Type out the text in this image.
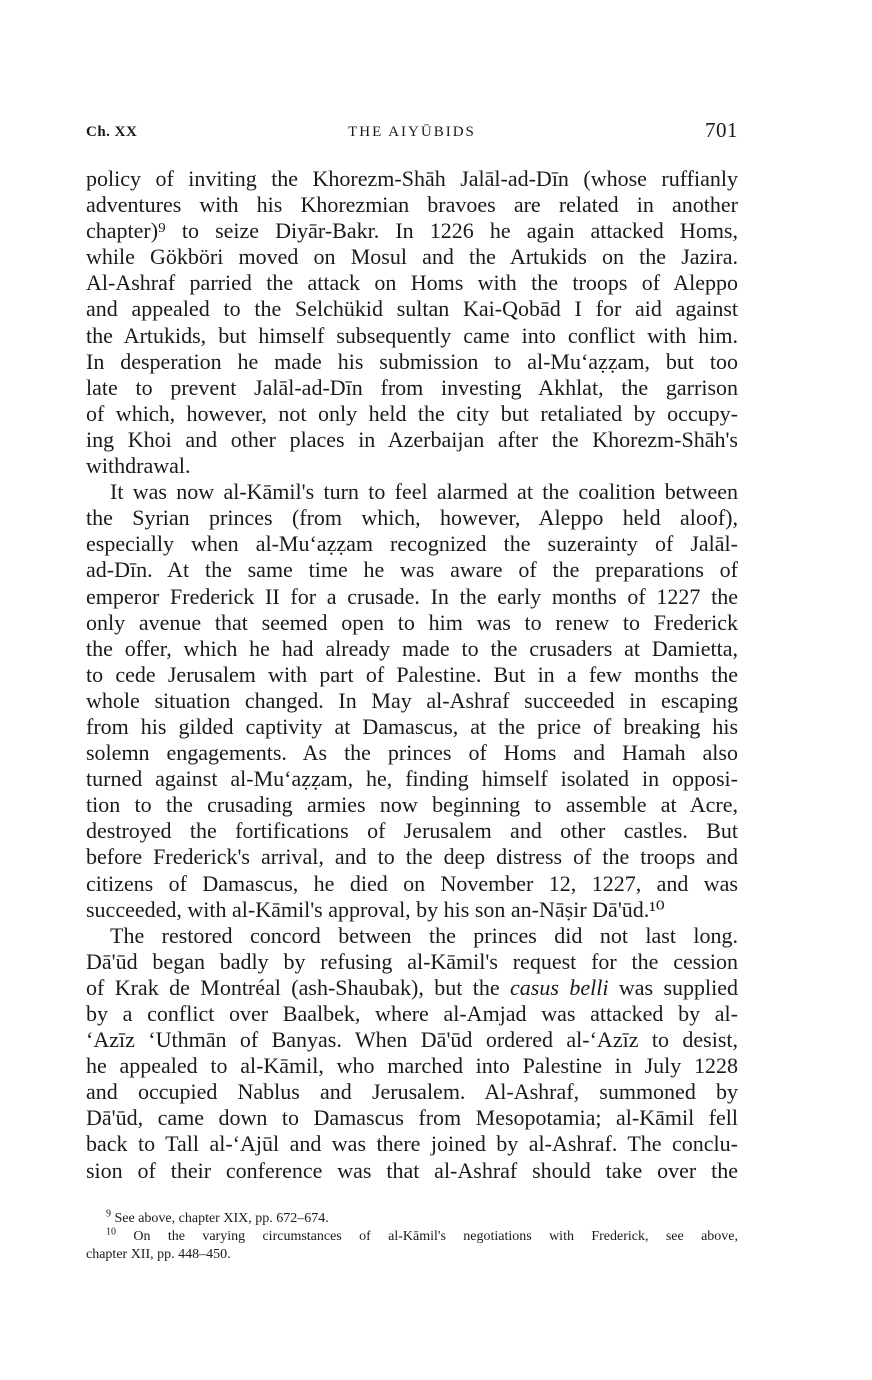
Ch. XX	THE AIYŪBIDS	701
policy of inviting the Khorezm-Shāh Jalāl-ad-Dīn (whose ruffianly
adventures with his Khorezmian bravoes are related in another
chapter)⁹ to seize Diyār-Bakr. In 1226 he again attacked Homs,
while Gökböri moved on Mosul and the Artukids on the Jazira.
Al-Ashraf parried the attack on Homs with the troops of Aleppo
and appealed to the Selchükid sultan Kai-Qobād I for aid against
the Artukids, but himself subsequently came into conflict with him.
In desperation he made his submission to al-Mu‘aẓẓam, but too
late to prevent Jalāl-ad-Dīn from investing Akhlat, the garrison
of which, however, not only held the city but retaliated by occupy-
ing Khoi and other places in Azerbaijan after the Khorezm-Shāh's
withdrawal.
It was now al-Kāmil's turn to feel alarmed at the coalition between
the Syrian princes (from which, however, Aleppo held aloof),
especially when al-Mu‘aẓẓam recognized the suzerainty of Jalāl-
ad-Dīn. At the same time he was aware of the preparations of
emperor Frederick II for a crusade. In the early months of 1227 the
only avenue that seemed open to him was to renew to Frederick
the offer, which he had already made to the crusaders at Damietta,
to cede Jerusalem with part of Palestine. But in a few months the
whole situation changed. In May al-Ashraf succeeded in escaping
from his gilded captivity at Damascus, at the price of breaking his
solemn engagements. As the princes of Homs and Hamah also
turned against al-Mu‘aẓẓam, he, finding himself isolated in opposi-
tion to the crusading armies now beginning to assemble at Acre,
destroyed the fortifications of Jerusalem and other castles. But
before Frederick's arrival, and to the deep distress of the troops and
citizens of Damascus, he died on November 12, 1227, and was
succeeded, with al-Kāmil's approval, by his son an-Nāṣir Dā'ūd.¹⁰
The restored concord between the princes did not last long.
Dā'ūd began badly by refusing al-Kāmil's request for the cession
of Krak de Montréal (ash-Shaubak), but the casus belli was supplied
by a conflict over Baalbek, where al-Amjad was attacked by al-
‘Azīz ‘Uthmān of Banyas. When Dā'ūd ordered al-‘Azīz to desist,
he appealed to al-Kāmil, who marched into Palestine in July 1228
and occupied Nablus and Jerusalem. Al-Ashraf, summoned by
Dā'ūd, came down to Damascus from Mesopotamia; al-Kāmil fell
back to Tall al-‘Ajūl and was there joined by al-Ashraf. The conclu-
sion of their conference was that al-Ashraf should take over the
$^9$ See above, chapter XIX, pp. 672–674.
$^{10}$ On the varying circumstances of al-Kāmil's negotiations with Frederick, see above,
chapter XII, pp. 448–450.
